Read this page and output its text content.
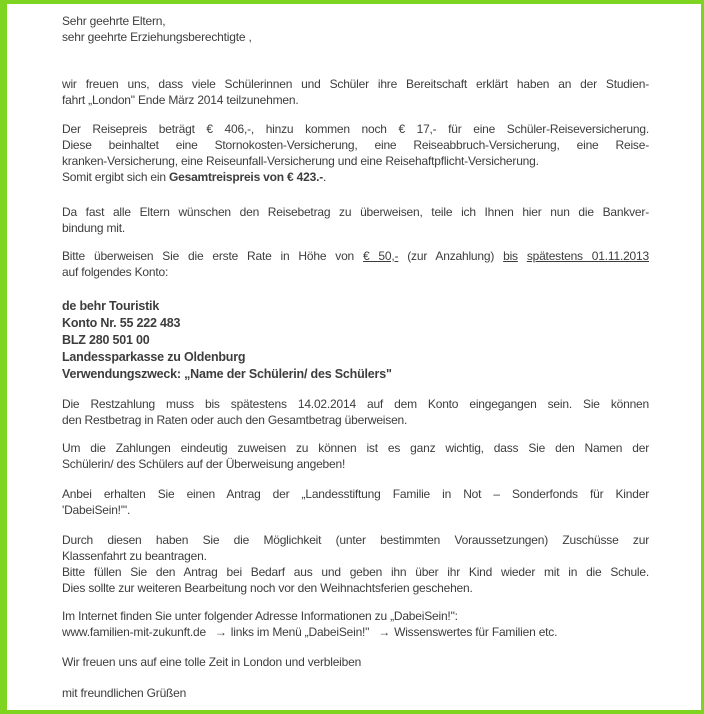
Sehr geehrte Eltern,
sehr geehrte Erziehungsberechtigte ,
wir freuen uns, dass viele Schülerinnen und Schüler ihre Bereitschaft erklärt haben an der Studien-
fahrt „London" Ende März 2014 teilzunehmen.
Der Reisepreis beträgt € 406,-, hinzu kommen noch € 17,- für eine Schüler-Reiseversicherung.
Diese beinhaltet eine Stornokosten-Versicherung, eine Reiseabbruch-Versicherung, eine Reise-
kranken-Versicherung, eine Reiseunfall-Versicherung und eine Reisehaftpflicht-Versicherung.
Somit ergibt sich ein Gesamtreispreis von € 423.-.
Da fast alle Eltern wünschen den Reisebetrag zu überweisen, teile ich Ihnen hier nun die Bankver-
bindung mit.
Bitte überweisen Sie die erste Rate in Höhe von € 50,- (zur Anzahlung) bis spätestens 01.11.2013
auf folgendes Konto:
de behr Touristik
Konto Nr. 55 222 483
BLZ 280 501 00
Landessparkasse zu Oldenburg
Verwendungszweck: „Name der Schülerin/ des Schülers"
Die Restzahlung muss bis spätestens 14.02.2014 auf dem Konto eingegangen sein. Sie können
den Restbetrag in Raten oder auch den Gesamtbetrag überweisen.
Um die Zahlungen eindeutig zuweisen zu können ist es ganz wichtig, dass Sie den Namen der
Schülerin/ des Schülers auf der Überweisung angeben!
Anbei erhalten Sie einen Antrag der „Landesstiftung Familie in Not – Sonderfonds für Kinder
'DabeiSein!'".
Durch diesen haben Sie die Möglichkeit (unter bestimmten Voraussetzungen) Zuschüsse zur
Klassenfahrt zu beantragen.
Bitte füllen Sie den Antrag bei Bedarf aus und geben ihn über ihr Kind wieder mit in die Schule.
Dies sollte zur weiteren Bearbeitung noch vor den Weihnachtsferien geschehen.
Im Internet finden Sie unter folgender Adresse Informationen zu „DabeiSein!":
www.familien-mit-zukunft.de → links im Menü „DabeiSein!" → Wissenswertes für Familien etc.
Wir freuen uns auf eine tolle Zeit in London und verbleiben
mit freundlichen Grüßen
